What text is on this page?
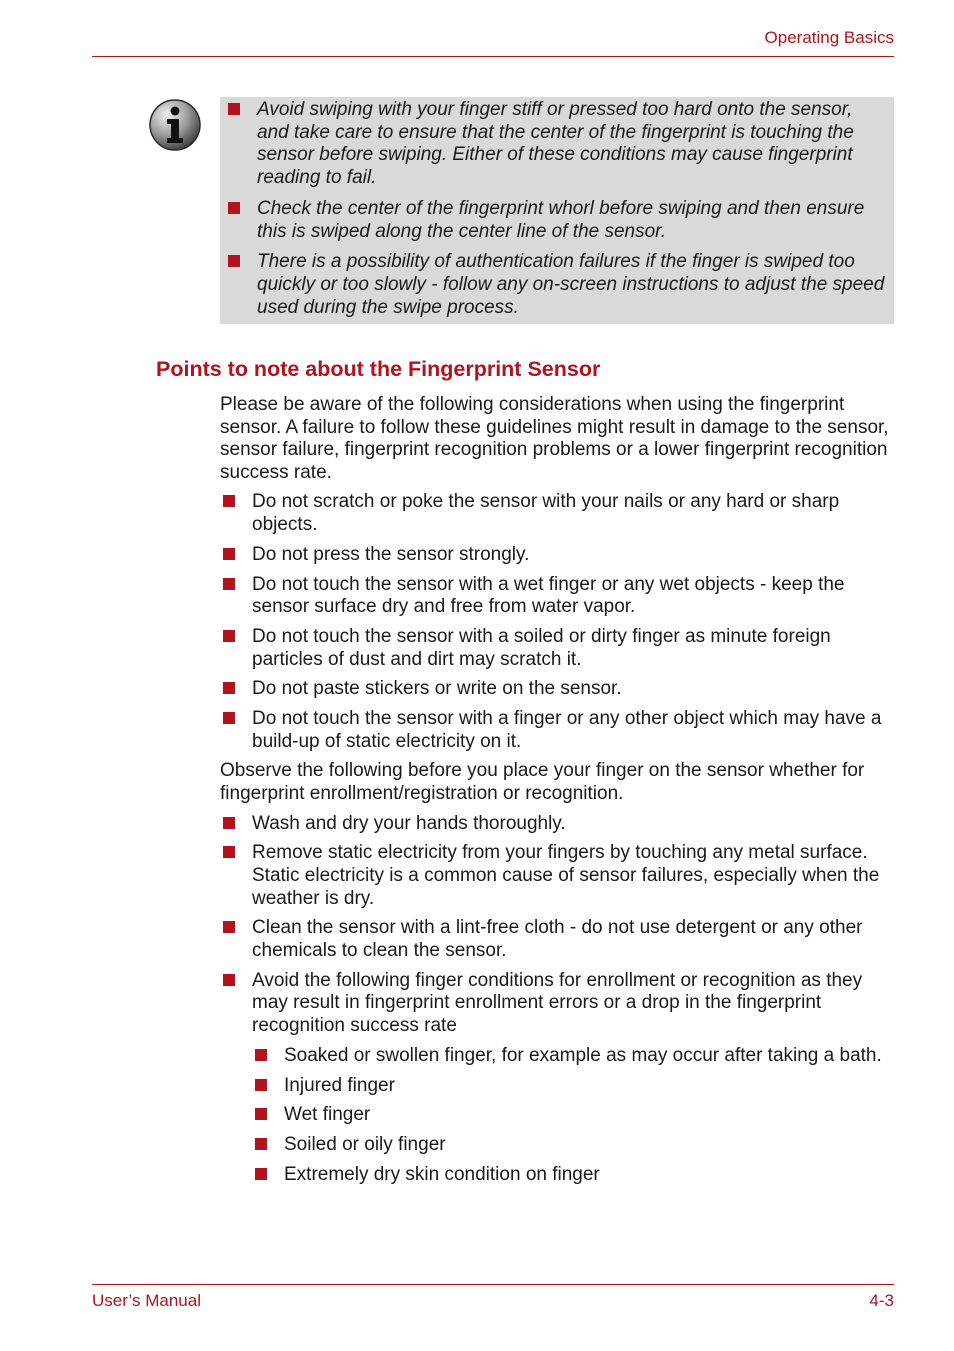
Operating Basics
Avoid swiping with your finger stiff or pressed too hard onto the sensor, and take care to ensure that the center of the fingerprint is touching the sensor before swiping. Either of these conditions may cause fingerprint reading to fail.
Check the center of the fingerprint whorl before swiping and then ensure this is swiped along the center line of the sensor.
There is a possibility of authentication failures if the finger is swiped too quickly or too slowly - follow any on-screen instructions to adjust the speed used during the swipe process.
Points to note about the Fingerprint Sensor

Please be aware of the following considerations when using the fingerprint sensor. A failure to follow these guidelines might result in damage to the sensor, sensor failure, fingerprint recognition problems or a lower fingerprint recognition success rate.

Do not scratch or poke the sensor with your nails or any hard or sharp objects.
Do not press the sensor strongly.
Do not touch the sensor with a wet finger or any wet objects - keep the sensor surface dry and free from water vapor.
Do not touch the sensor with a soiled or dirty finger as minute foreign particles of dust and dirt may scratch it.
Do not paste stickers or write on the sensor.
Do not touch the sensor with a finger or any other object which may have a build-up of static electricity on it.

Observe the following before you place your finger on the sensor whether for fingerprint enrollment/registration or recognition.

Wash and dry your hands thoroughly.
Remove static electricity from your fingers by touching any metal surface. Static electricity is a common cause of sensor failures, especially when the weather is dry.
Clean the sensor with a lint-free cloth - do not use detergent or any other chemicals to clean the sensor.
Avoid the following finger conditions for enrollment or recognition as they may result in fingerprint enrollment errors or a drop in the fingerprint recognition success rate
Soaked or swollen finger, for example as may occur after taking a bath.
Injured finger
Wet finger
Soiled or oily finger
Extremely dry skin condition on finger
User’s Manual	4-3
